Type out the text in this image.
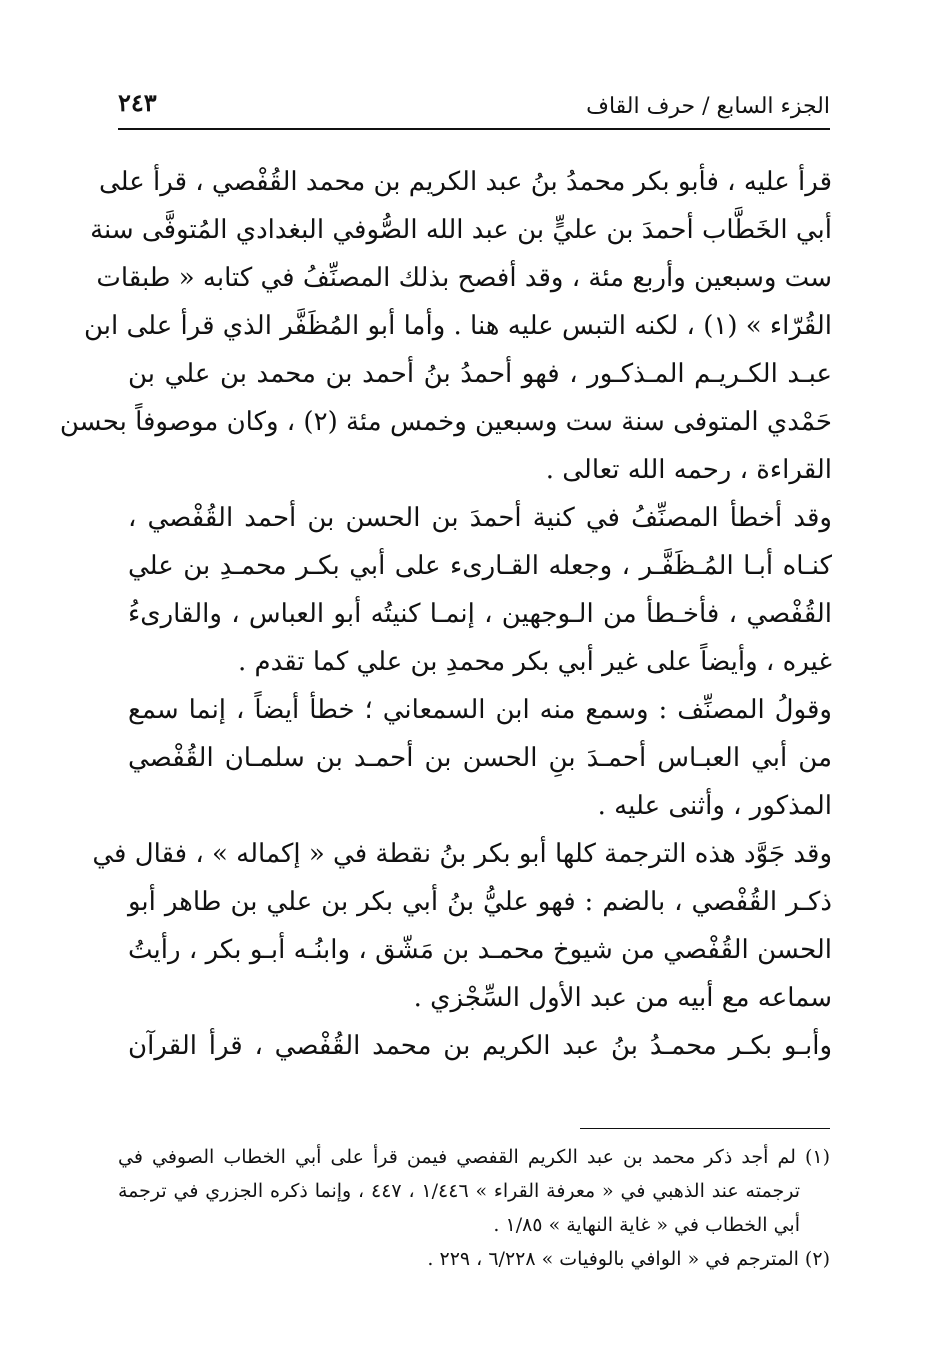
الجزء السابع / حرف القاف
٢٤٣
قرأ عليه ، فأبو بكر محمدُ بنُ عبد الكريم بن محمد القُفْصي ، قرأ على
أبي الخَطَّاب أحمدَ بن عليٍّ بن عبد الله الصُّوفي البغدادي المُتوفَّى سنة
ست وسبعين وأربع مئة ، وقد أفصح بذلك المصنِّفُ في كتابه « طبقات
القُرّاء » (١) ، لكنه التبس عليه هنا . وأما أبو المُظَفَّر الذي قرأ على ابن
عبـد الكـريـم المـذكـور ، فهو أحمدُ بنُ أحمد بن محمد بن علي بن
حَمْدي المتوفى سنة ست وسبعين وخمس مئة (٢) ، وكان موصوفاً بحسن
القراءة ، رحمه الله تعالى .
وقد أخطأ المصنِّفُ في كنية أحمدَ بن الحسن بن أحمد القُفْصي ،
كنـاه أبـا المُـظَفَّـر ، وجعله القـارىء على أبي بكـر محمـدِ بن علي
القُفْصي ، فأخـطأ من الـوجهين ، إنمـا كنيتُه أبو العباس ، والقارىءُ
غيره ، وأيضاً على غير أبي بكر محمدِ بن علي كما تقدم .
وقولُ المصنِّف : وسمع منه ابن السمعاني ؛ خطأ أيضاً ، إنما سمع
من أبي العبـاس أحمـدَ بنِ الحسن بن أحمـد بن سلمـان القُفْصي
المذكور ، وأثنى عليه .
وقد جَوَّد هذه الترجمة كلها أبو بكر بنُ نقطة في « إكماله » ، فقال في
ذكـر القُفْصي ، بالضم : فهو عليُّ بنُ أبي بكر بن علي بن طاهر أبو
الحسن القُفْصي من شيوخ محمـد بن مَشّق ، وابنُـه أبـو بكر ، رأيتُ
سماعه مع أبيه من عبد الأول السِّجْزي .
وأبـو بكـر محمـدُ بنُ عبد الكريم بن محمد القُفْصي ، قرأ القرآن
(١) لم أجد ذكر محمد بن عبد الكريم القفصي فيمن قرأ على أبي الخطاب الصوفي في
ترجمته عند الذهبي في « معرفة القراء » ١/٤٤٦ ، ٤٤٧ ، وإنما ذكره الجزري في ترجمة
أبي الخطاب في « غاية النهاية » ١/٨٥ .
(٢) المترجم في « الوافي بالوفيات » ٦/٢٢٨ ، ٢٢٩ .
